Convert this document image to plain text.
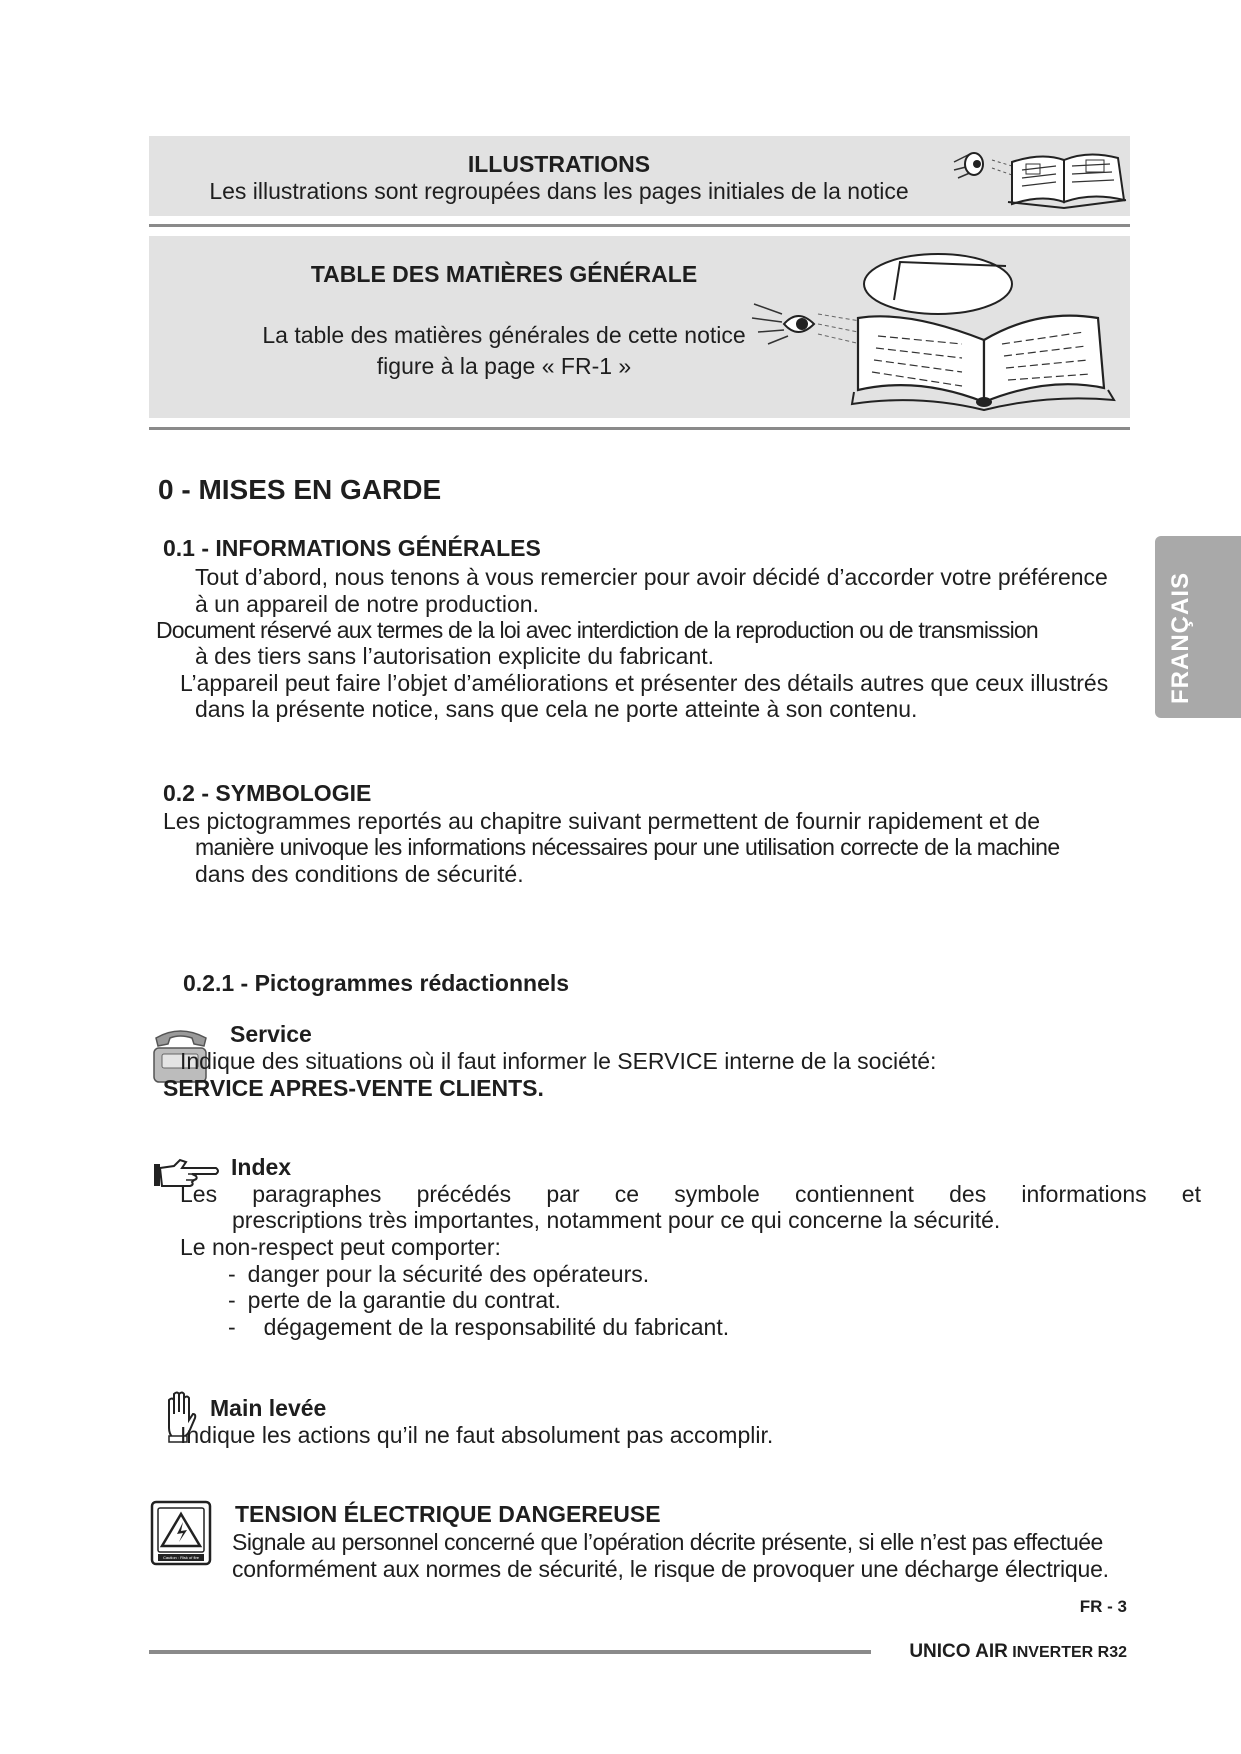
ILLUSTRATIONS
Les illustrations sont regroupées dans les pages initiales de la notice
TABLE DES MATIÈRES GÉNÉRALE
La table des matières générales de cette notice
figure à la page « FR-1 »
0 - MISES EN GARDE
0.1 - INFORMATIONS GÉNÉRALES
Tout d’abord, nous tenons à vous remercier pour avoir décidé d’accorder votre préférence
à un appareil de notre production.
Document réservé aux termes de la loi avec interdiction de la reproduction ou de transmission
à des tiers sans l’autorisation explicite du fabricant.
L’appareil peut faire l’objet d’améliorations et présenter des détails autres que ceux illustrés
dans la présente notice, sans que cela ne porte atteinte à son contenu.
FRANÇAIS
0.2 - SYMBOLOGIE
Les pictogrammes reportés au chapitre suivant permettent de fournir rapidement et de
manière univoque les informations nécessaires pour une utilisation correcte de la machine
dans des conditions de sécurité.
0.2.1 - Pictogrammes rédactionnels
Service
Indique des situations où il faut informer le SERVICE interne de la société:
SERVICE APRES-VENTE CLIENTS.
Index
Les paragraphes précédés par ce symbole contiennent des informations et
prescriptions très importantes, notamment pour ce qui concerne la sécurité.
Le non-respect peut comporter:
- danger pour la sécurité des opérateurs.
- perte de la garantie du contrat.
- dégagement de la responsabilité du fabricant.
Main levée
Indique les actions qu’il ne faut absolument pas accomplir.
Caution : Risk of fire
TENSION ÉLECTRIQUE DANGEREUSE
Signale au personnel concerné que l’opération décrite présente, si elle n’est pas effectuée
conformément aux normes de sécurité, le risque de provoquer une décharge électrique.
FR - 3
UNICO AIR INVERTER R32
